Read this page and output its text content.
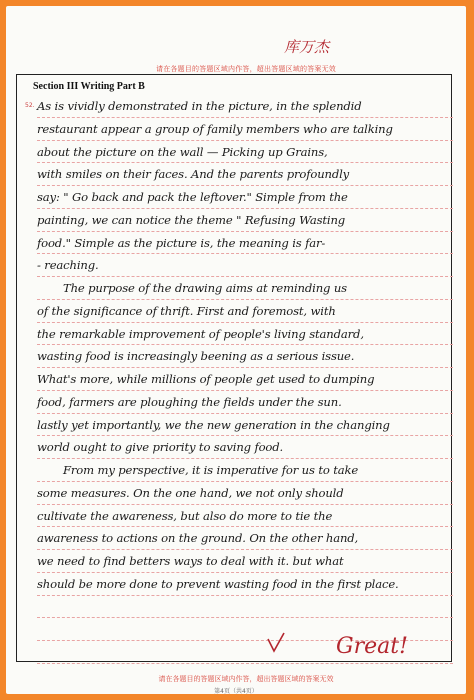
库万杰
请在各题目的答题区域内作答，超出答题区域的答案无效
Section III Writing Part B
52. As is vividly demonstrated in the picture, in the splendid
restaurant appear a group of family members who are talking
about the picture on the wall — Picking up Grains,
with smiles on their faces. And the parents profoundly
say: " Go back and pack the leftover." Simple from the
painting, we can notice the theme " Refusing Wasting
food." Simple as the picture is, the meaning is far-
- reaching.
The purpose of the drawing aims at reminding us
of the significance of thrift. First and foremost, with
the remarkable improvement of people's living standard,
wasting food is increasingly beening as a serious issue.
What's more, while millions of people get used to dumping
food, farmers are ploughing the fields under the sun.
lastly yet importantly, we the new generation in the changing
world ought to give priority to saving food.
From my perspective, it is imperative for us to take
some measures. On the one hand, we not only should
cultivate the awareness, but also do more to tie the
awareness to actions on the ground. On the other hand,
we need to find betters ways to deal with it. but what
should be more done to prevent wasting food in the first place.
Great!
请在各题目的答题区域内作答，超出答题区域的答案无效
第4页（共4页）
